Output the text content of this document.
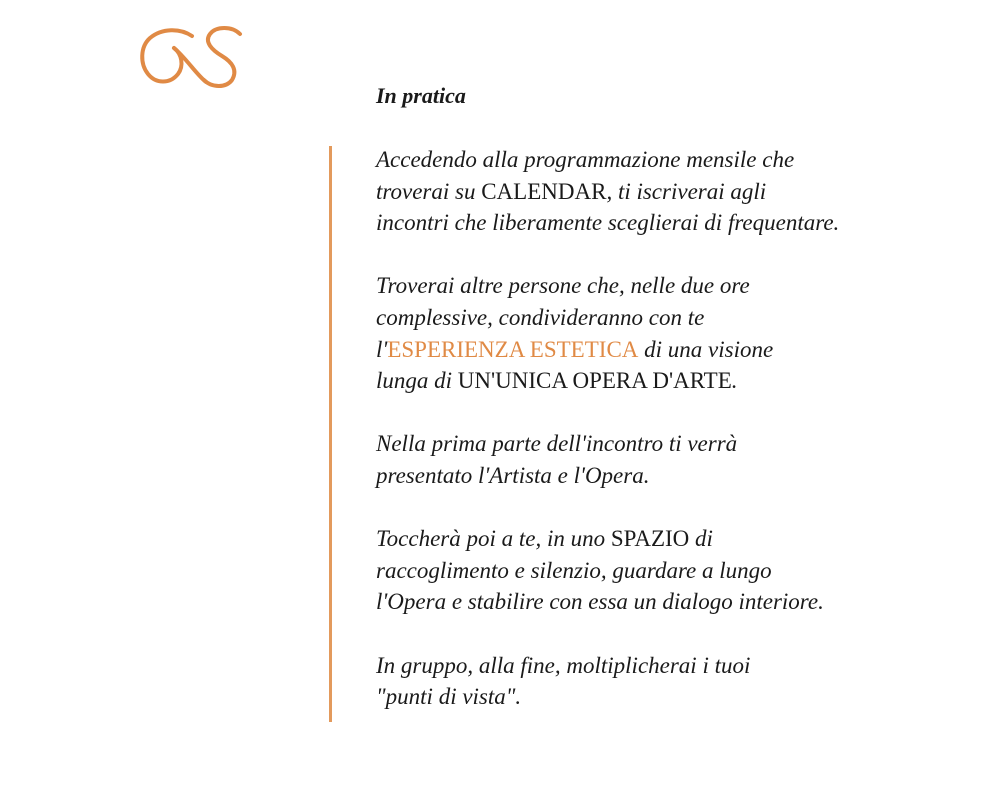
In pratica

Accedendo alla programmazione mensile che
troverai su CALENDAR, ti iscriverai agli
incontri che liberamente sceglierai di frequentare.

Troverai altre persone che, nelle due ore
complessive, condivideranno con te
l'ESPERIENZA ESTETICA di una visione
lunga di UN'UNICA OPERA D'ARTE.

Nella prima parte dell'incontro ti verrà
presentato l'Artista e l'Opera.

Toccherà poi a te, in uno SPAZIO di
raccoglimento e silenzio, guardare a lungo
l'Opera e stabilire con essa un dialogo interiore.

In gruppo, alla fine, moltiplicherai i tuoi
"punti di vista".
